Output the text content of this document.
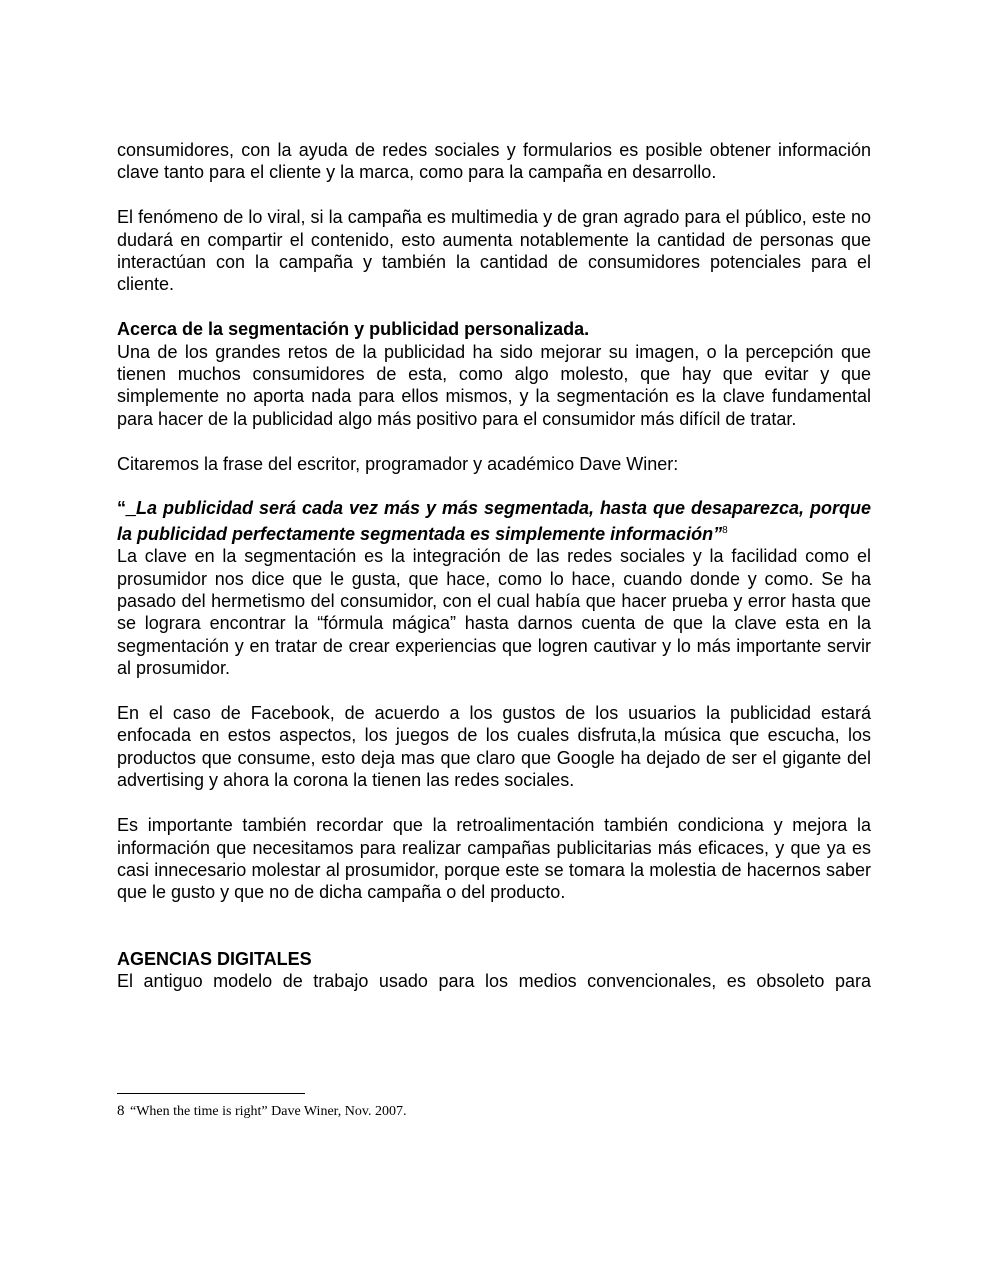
consumidores, con la ayuda de redes sociales y formularios es posible obtener información clave tanto para el cliente y la marca, como para la campaña en desarrollo.

El fenómeno de lo viral, si la campaña es multimedia y de gran agrado para el público, este no dudará en compartir el contenido, esto aumenta notablemente la cantidad de personas que interactúan con la campaña y también la cantidad de consumidores potenciales para el cliente.

Acerca de la segmentación y publicidad personalizada.

Una de los grandes retos de la publicidad ha sido mejorar su imagen, o la percepción que tienen muchos consumidores de esta, como algo molesto, que hay que evitar y que simplemente no aporta nada para ellos mismos, y la segmentación es la clave fundamental para hacer de la publicidad algo más positivo para el consumidor más difícil de tratar.

Citaremos la frase del escritor, programador y académico Dave Winer:

“_La publicidad será cada vez más y más segmentada, hasta que desaparezca, porque la publicidad perfectamente segmentada es simplemente información”$^8$

La clave en la segmentación es la integración de las redes sociales y la facilidad como el prosumidor nos dice que le gusta, que hace, como lo hace, cuando donde y como. Se ha pasado del hermetismo del consumidor, con el cual había que hacer prueba y error hasta que se lograra encontrar la “fórmula mágica” hasta darnos cuenta de que la clave esta en la segmentación y en tratar de crear experiencias que logren cautivar y lo más importante servir al prosumidor.

En el caso de Facebook, de acuerdo a los gustos de los usuarios la publicidad estará enfocada en estos aspectos, los juegos de los cuales disfruta,la música que escucha, los productos que consume, esto deja mas que claro que Google ha dejado de ser el gigante del advertising y ahora la corona la tienen las redes sociales.

Es importante también recordar que la retroalimentación también condiciona y mejora la información que necesitamos para realizar campañas publicitarias más eficaces, y que ya es casi innecesario molestar al prosumidor, porque este se tomara la molestia de hacernos saber que le gusto y que no de dicha campaña o del producto.

AGENCIAS DIGITALES

El antiguo modelo de trabajo usado para los medios convencionales, es obsoleto para

8 “When the time is right” Dave Winer, Nov. 2007.
